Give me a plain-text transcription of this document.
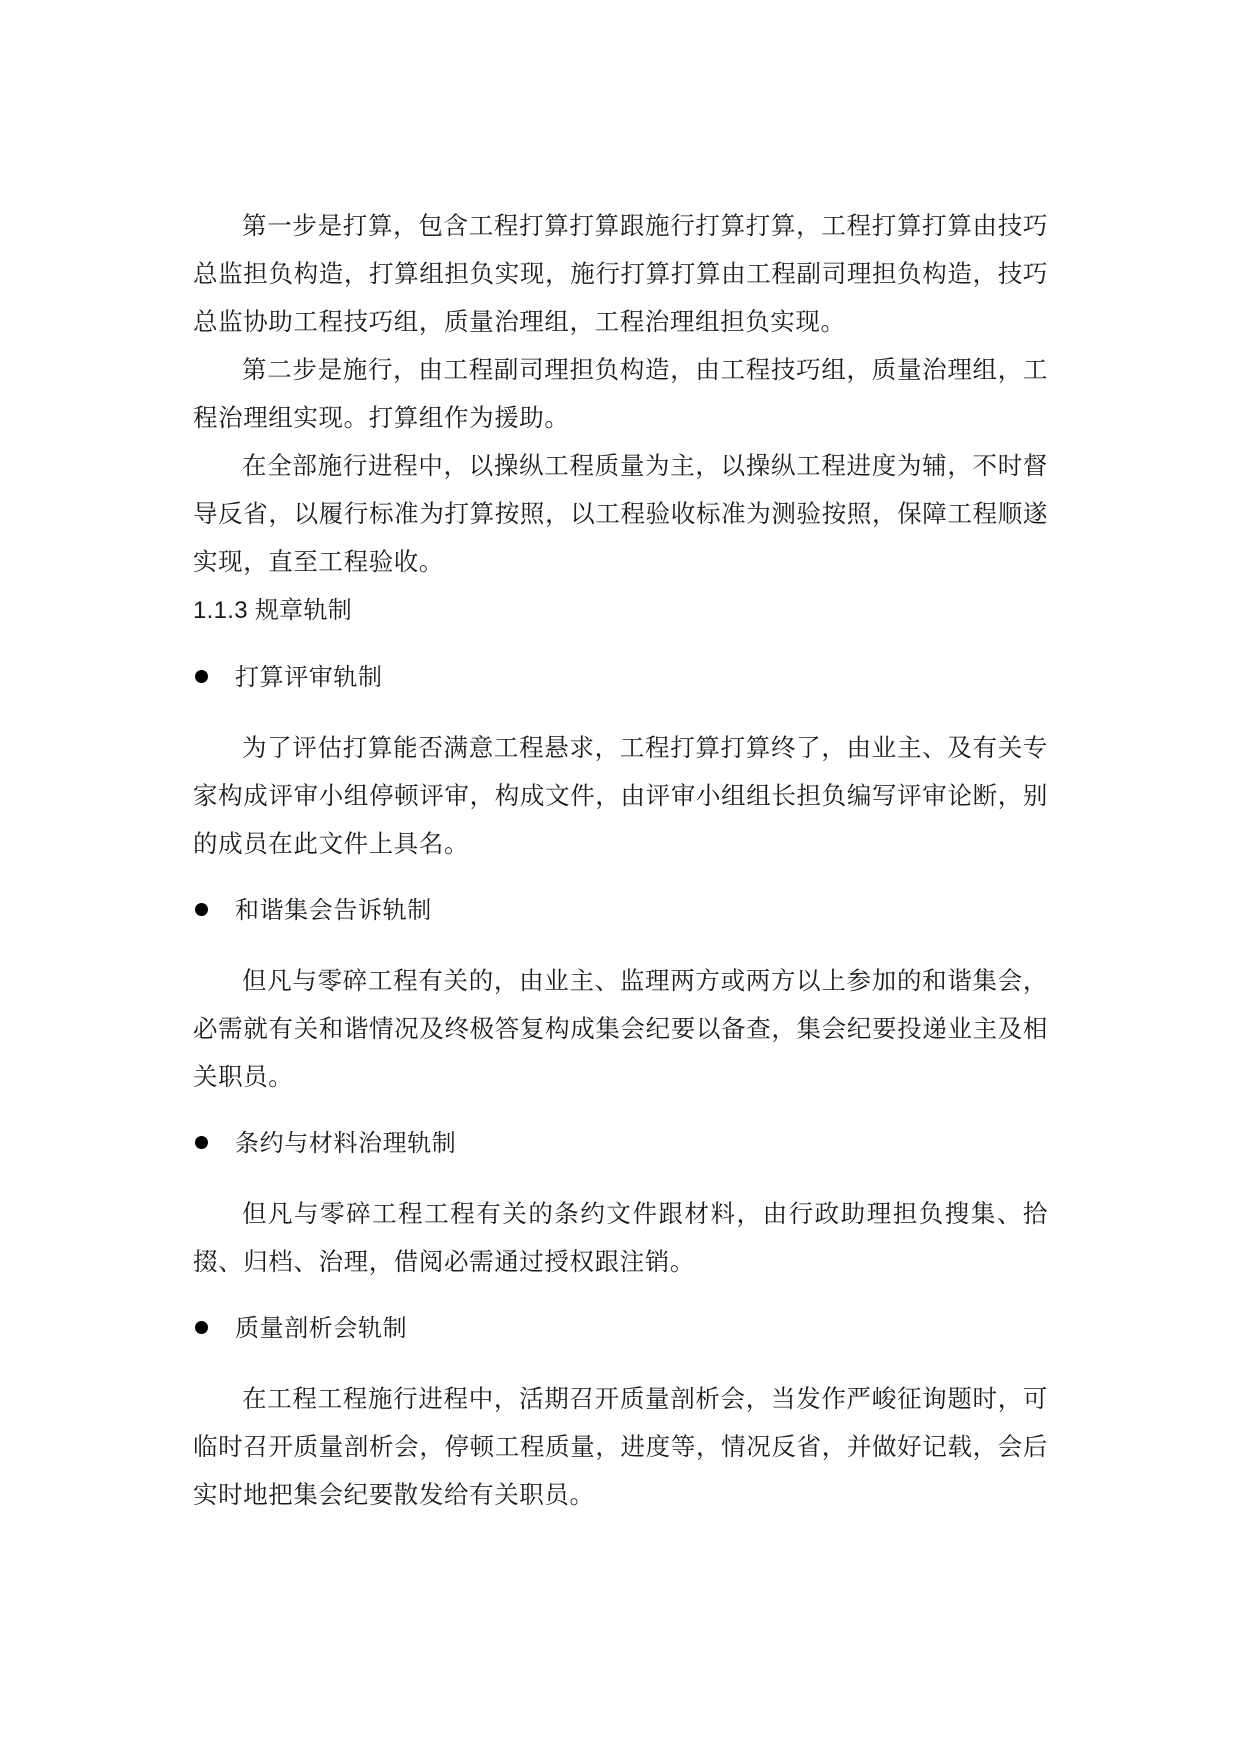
第一步是打算，包含工程打算打算跟施行打算打算，工程打算打算由技巧总监担负构造，打算组担负实现，施行打算打算由工程副司理担负构造，技巧总监协助工程技巧组，质量治理组，工程治理组担负实现。

第二步是施行，由工程副司理担负构造，由工程技巧组，质量治理组，工程治理组实现。打算组作为援助。

在全部施行进程中，以操纵工程质量为主，以操纵工程进度为辅，不时督导反省，以履行标准为打算按照，以工程验收标准为测验按照，保障工程顺遂实现，直至工程验收。

1.1.3 规章轨制

打算评审轨制

为了评估打算能否满意工程悬求，工程打算打算终了，由业主、及有关专家构成评审小组停顿评审，构成文件，由评审小组组长担负编写评审论断，别的成员在此文件上具名。

和谐集会告诉轨制

但凡与零碎工程有关的，由业主、监理两方或两方以上参加的和谐集会，必需就有关和谐情况及终极答复构成集会纪要以备查，集会纪要投递业主及相关职员。

条约与材料治理轨制

但凡与零碎工程工程有关的条约文件跟材料，由行政助理担负搜集、拾掇、归档、治理，借阅必需通过授权跟注销。

质量剖析会轨制

在工程工程施行进程中，活期召开质量剖析会，当发作严峻征询题时，可临时召开质量剖析会，停顿工程质量，进度等，情况反省，并做好记载，会后实时地把集会纪要散发给有关职员。
